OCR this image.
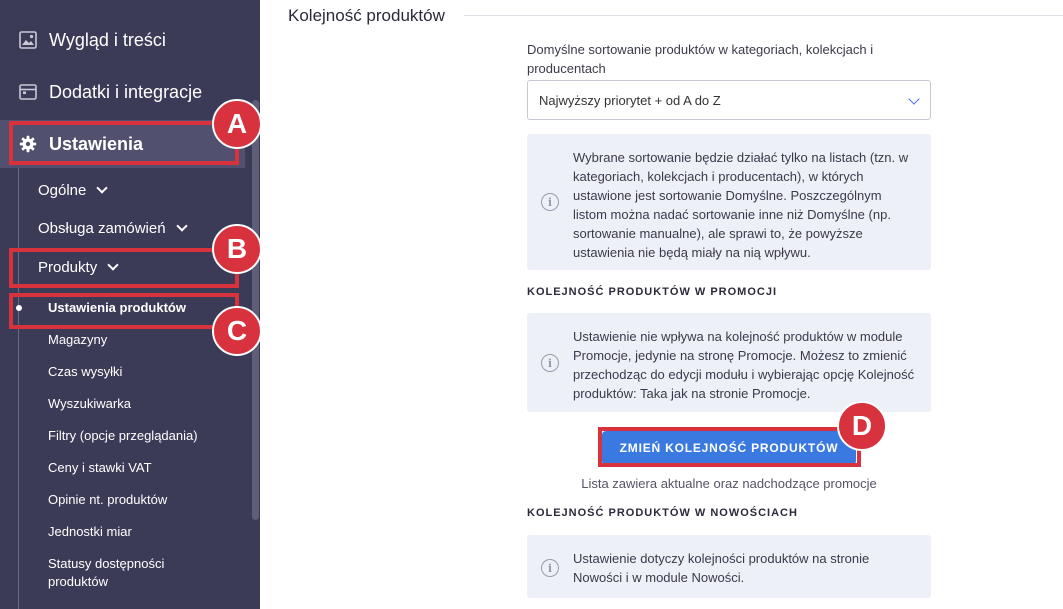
Wygląd i treści
Dodatki i integracje
Ustawienia
Ogólne
Obsługa zamówień
Produkty
Ustawienia produktów
Magazyny
Czas wysyłki
Wyszukiwarka
Filtry (opcje przeglądania)
Ceny i stawki VAT
Opinie nt. produktów
Jednostki miar
Statusy dostępności produktów
A
B
C
Kolejność produktów
Domyślne sortowanie produktów w kategoriach, kolekcjach i producentach
Najwyższy priorytet + od A do Z
i
Wybrane sortowanie będzie działać tylko na listach (tzn. w kategoriach, kolekcjach i producentach), w których ustawione jest sortowanie Domyślne. Poszczególnym listom można nadać sortowanie inne niż Domyślne (np. sortowanie manualne), ale sprawi to, że powyższe ustawienia nie będą miały na nią wpływu.
KOLEJNOŚĆ PRODUKTÓW W PROMOCJI
i
Ustawienie nie wpływa na kolejność produktów w module Promocje, jedynie na stronę Promocje. Możesz to zmienić przechodząc do edycji modułu i wybierając opcję Kolejność produktów: Taka jak na stronie Promocje.
ZMIEŃ KOLEJNOŚĆ PRODUKTÓW
D
Lista zawiera aktualne oraz nadchodzące promocje
KOLEJNOŚĆ PRODUKTÓW W NOWOŚCIACH
i
Ustawienie dotyczy kolejności produktów na stronie Nowości i w module Nowości.
